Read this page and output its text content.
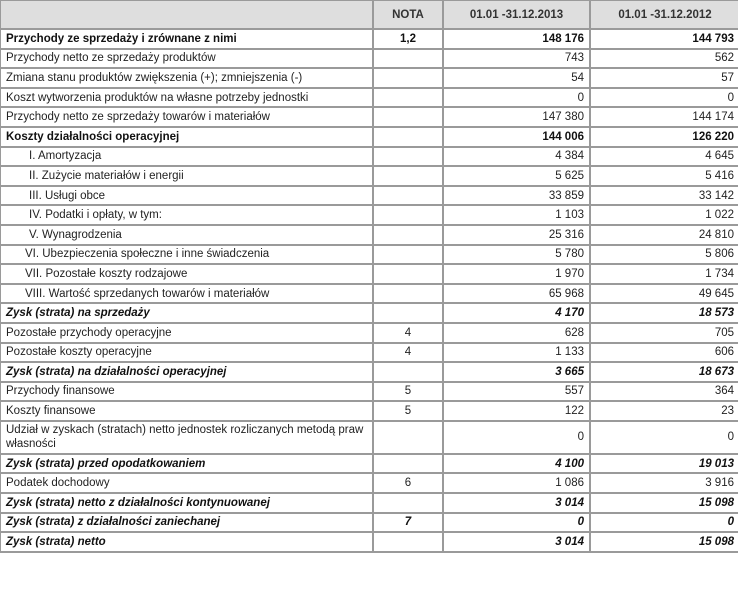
	NOTA	01.01 -31.12.2013	01.01 -31.12.2012
Przychody ze sprzedaży i zrównane z nimi	1,2	148 176	144 793
Przychody netto ze sprzedaży produktów		743	562
Zmiana stanu produktów zwiększenia (+); zmniejszenia (-)		54	57
Koszt wytworzenia produktów na własne potrzeby jednostki		0	0
Przychody netto ze sprzedaży towarów i materiałów		147 380	144 174
Koszty działalności operacyjnej		144 006	126 220
I. Amortyzacja		4 384	4 645
II. Zużycie materiałów i energii		5 625	5 416
III. Usługi obce		33 859	33 142
IV. Podatki i opłaty, w tym:		1 103	1 022
V. Wynagrodzenia		25 316	24 810
VI. Ubezpieczenia społeczne i inne świadczenia		5 780	5 806
VII. Pozostałe koszty rodzajowe		1 970	1 734
VIII. Wartość sprzedanych towarów i materiałów		65 968	49 645
Zysk (strata) na sprzedaży		4 170	18 573
Pozostałe przychody operacyjne	4	628	705
Pozostałe koszty operacyjne	4	1 133	606
Zysk (strata) na działalności operacyjnej		3 665	18 673
Przychody finansowe	5	557	364
Koszty finansowe	5	122	23
Udział w zyskach (stratach) netto jednostek rozliczanych metodą praw własności		0	0
Zysk (strata) przed opodatkowaniem		4 100	19 013
Podatek dochodowy	6	1 086	3 916
Zysk (strata) netto z działalności kontynuowanej		3 014	15 098
Zysk (strata) z działalności zaniechanej	7	0	0
Zysk (strata) netto		3 014	15 098
